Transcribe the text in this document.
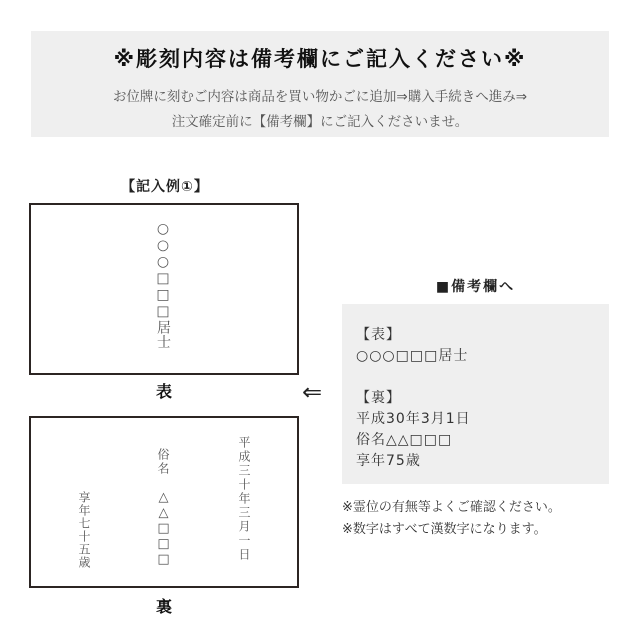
※彫刻内容は備考欄にご記入ください※
お位牌に刻むご内容は商品を買い物かごに追加⇒購入手続きへ進み⇒
注文確定前に【備考欄】にご記入くださいませ。
【記入例①】
○○○□□□居士
表	⇐
平成三十年三月一日
俗名
△△□□□
享年七十五歳
裏
■備考欄へ
【表】
○○○□□□居士
【裏】
平成30年3月1日
俗名△△□□□
享年75歳
※霊位の有無等よくご確認ください。
※数字はすべて漢数字になります。
